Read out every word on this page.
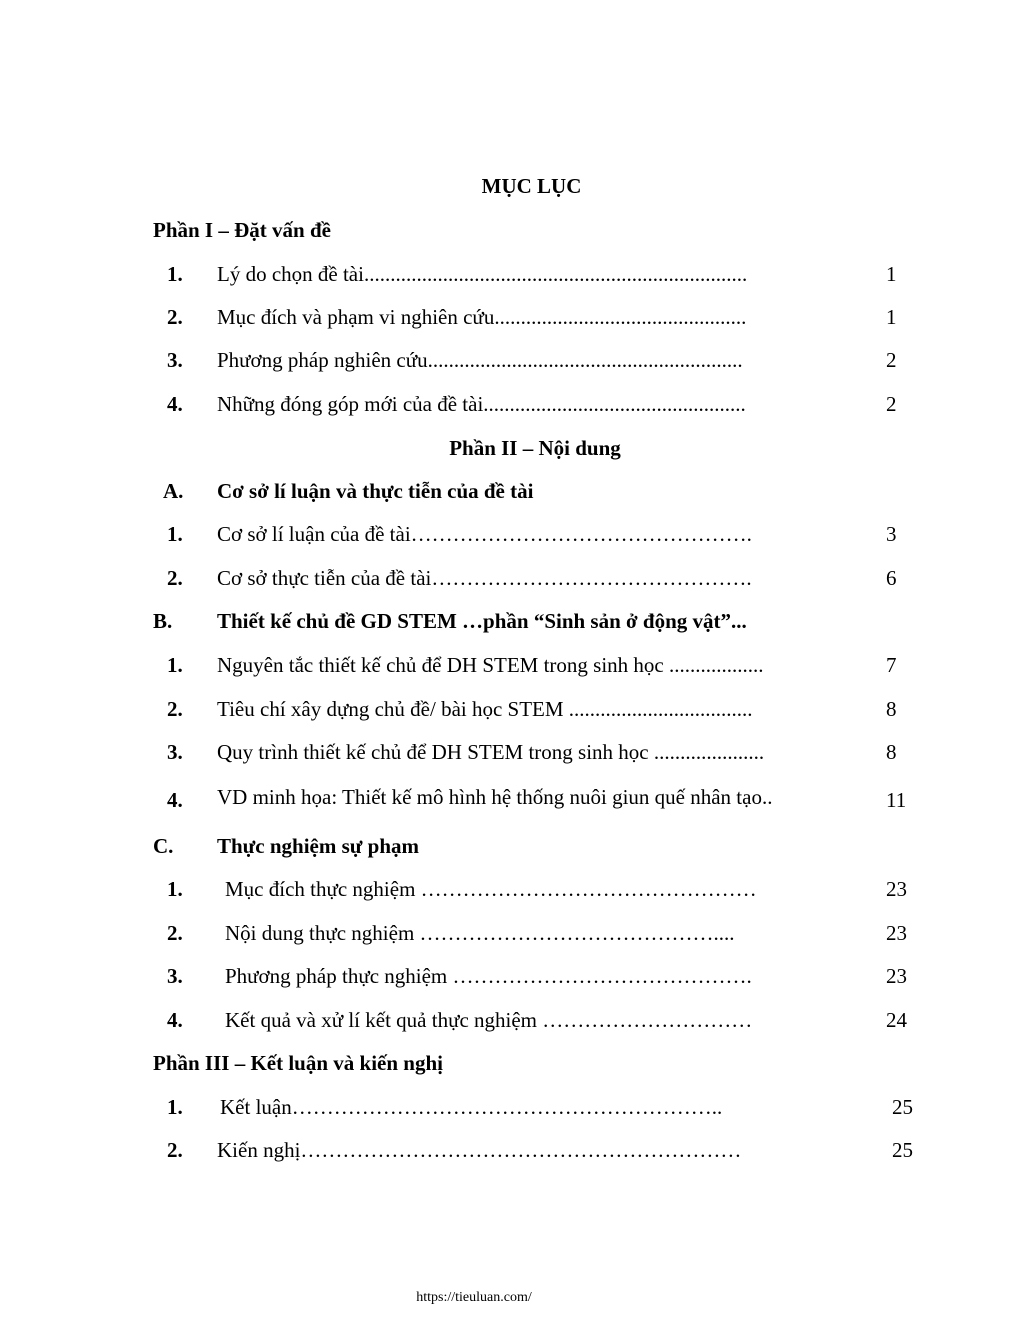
MỤC LỤC
Phần I – Đặt vấn đề
1. Lý do chọn đề tài.........................................................................	1
2. Mục đích và phạm vi nghiên cứu................................................	1
3. Phương pháp nghiên cứu............................................................	2
4. Những đóng góp mới của đề tài..................................................	2
Phần II – Nội dung
A. Cơ sở lí luận và thực tiễn của đề tài
1. Cơ sở lí luận của đề tài………………………………………….	3
2. Cơ sở thực tiễn của đề tài……………………………………….	6
B. Thiết kế chủ đề GD STEM …phần “Sinh sản ở động vật”...
1. Nguyên tắc thiết kế chủ để DH STEM trong sinh học ..................	7
2. Tiêu chí xây dựng chủ đề/ bài học STEM ...................................	8
3. Quy trình thiết kế chủ để DH STEM trong sinh học .....................	8
4. VD minh họa: Thiết kế mô hình hệ thống nuôi giun quế nhân tạo..	11
C. Thực nghiệm sự phạm
1. Mục đích thực nghiệm …………………………………………	23
2. Nội dung thực nghiệm ……………………………………....	23
3. Phương pháp thực nghiệm …………………………………….	23
4. Kết quả và xử lí kết quả thực nghiệm …………………………	24
Phần III – Kết luận và kiến nghị
1. Kết luận……………………………………………………..	25
2. Kiến nghị………………………………………………………	25
https://tieuluan.com/
